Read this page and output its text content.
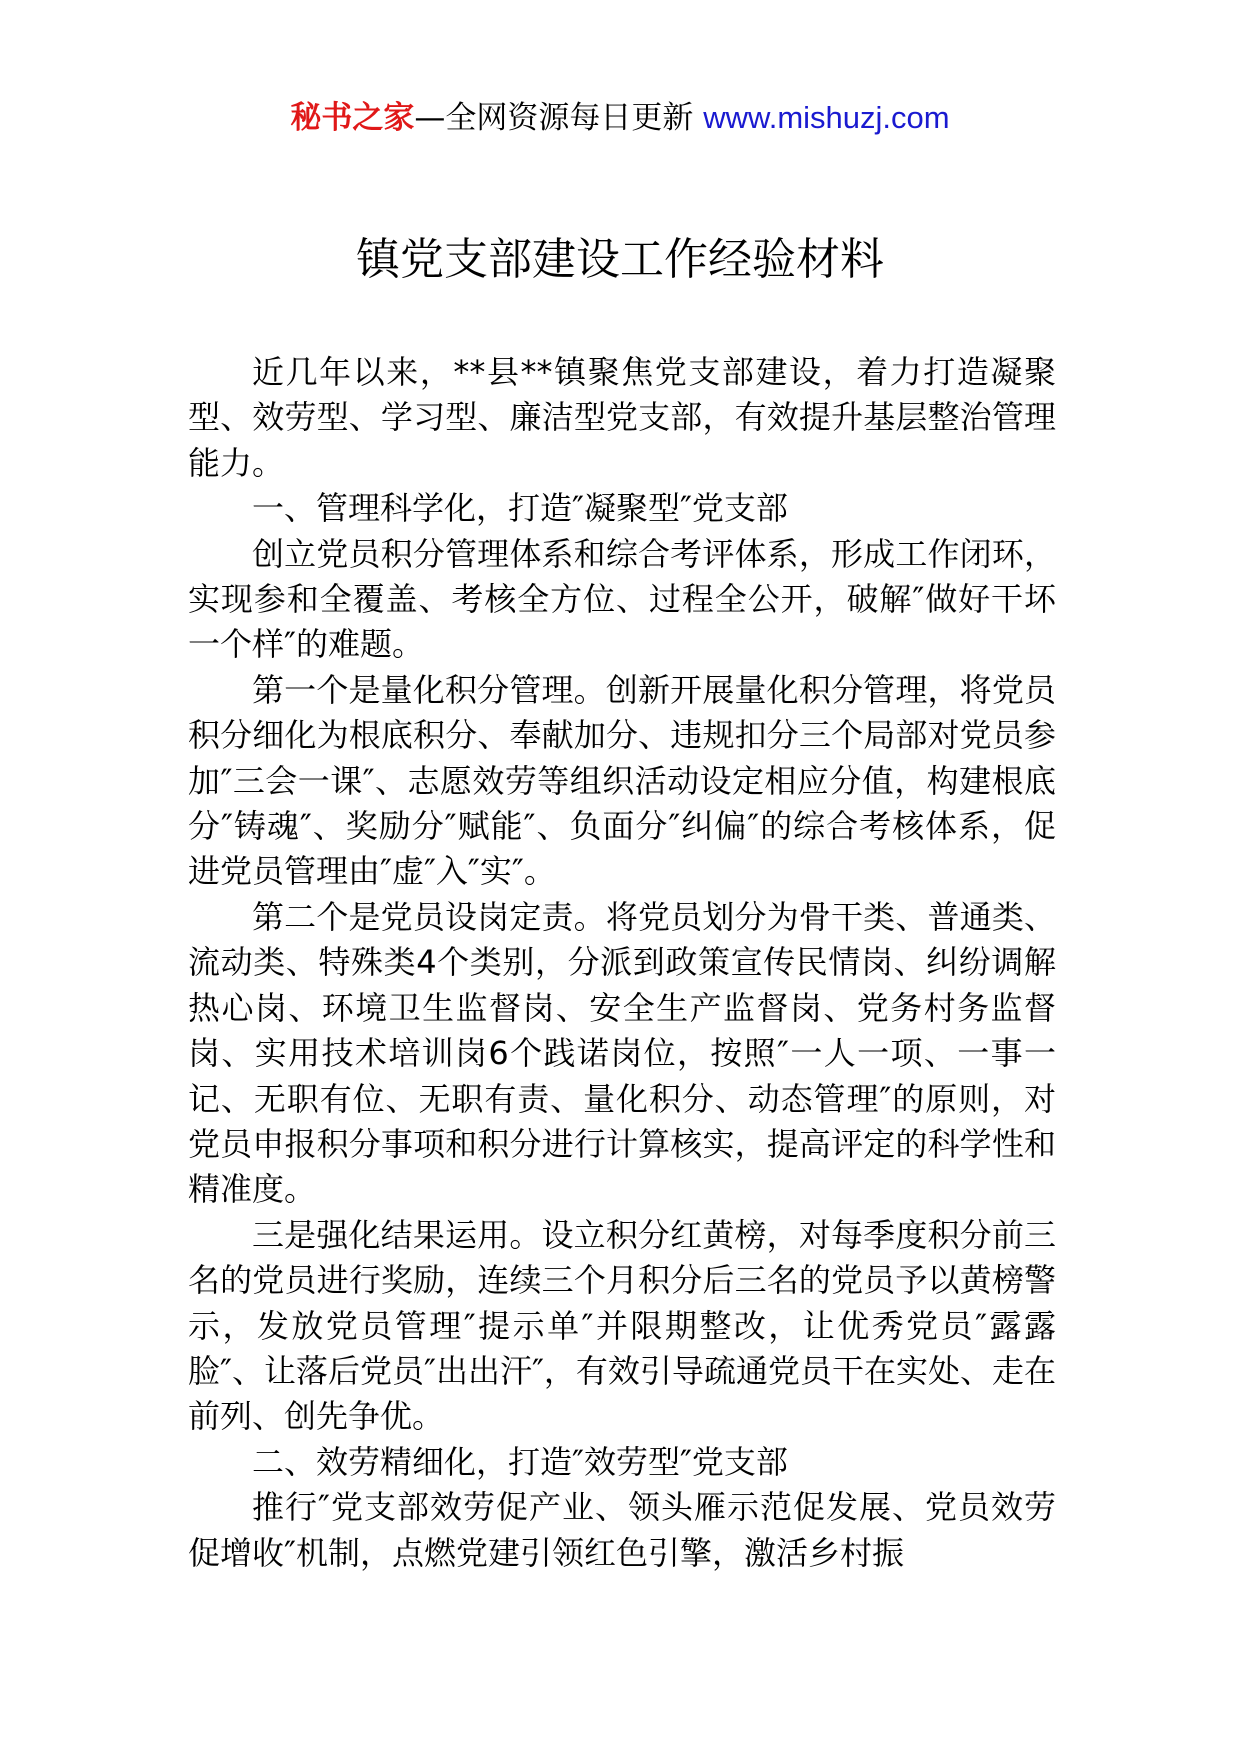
秘书之家—全网资源每日更新 www.mishuzj.com
镇党支部建设工作经验材料

近几年以来，**县**镇聚焦党支部建设，着力打造凝聚型、效劳型、学习型、廉洁型党支部，有效提升基层整治管理能力。

一、管理科学化，打造″凝聚型″党支部

创立党员积分管理体系和综合考评体系，形成工作闭环，实现参和全覆盖、考核全方位、过程全公开，破解″做好干坏一个样″的难题。

第一个是量化积分管理。创新开展量化积分管理，将党员积分细化为根底积分、奉献加分、违规扣分三个局部对党员参加″三会一课″、志愿效劳等组织活动设定相应分值，构建根底分″铸魂″、奖励分″赋能″、负面分″纠偏″的综合考核体系，促进党员管理由″虚″入″实″。

第二个是党员设岗定责。将党员划分为骨干类、普通类、流动类、特殊类4个类别，分派到政策宣传民情岗、纠纷调解热心岗、环境卫生监督岗、安全生产监督岗、党务村务监督岗、实用技术培训岗6个践诺岗位，按照″一人一项、一事一记、无职有位、无职有责、量化积分、动态管理″的原则，对党员申报积分事项和积分进行计算核实，提高评定的科学性和精准度。

三是强化结果运用。设立积分红黄榜，对每季度积分前三名的党员进行奖励，连续三个月积分后三名的党员予以黄榜警示，发放党员管理″提示单″并限期整改，让优秀党员″露露脸″、让落后党员″出出汗″，有效引导疏通党员干在实处、走在前列、创先争优。

二、效劳精细化，打造″效劳型″党支部

推行″党支部效劳促产业、领头雁示范促发展、党员效劳促增收″机制，点燃党建引领红色引擎，激活乡村振
